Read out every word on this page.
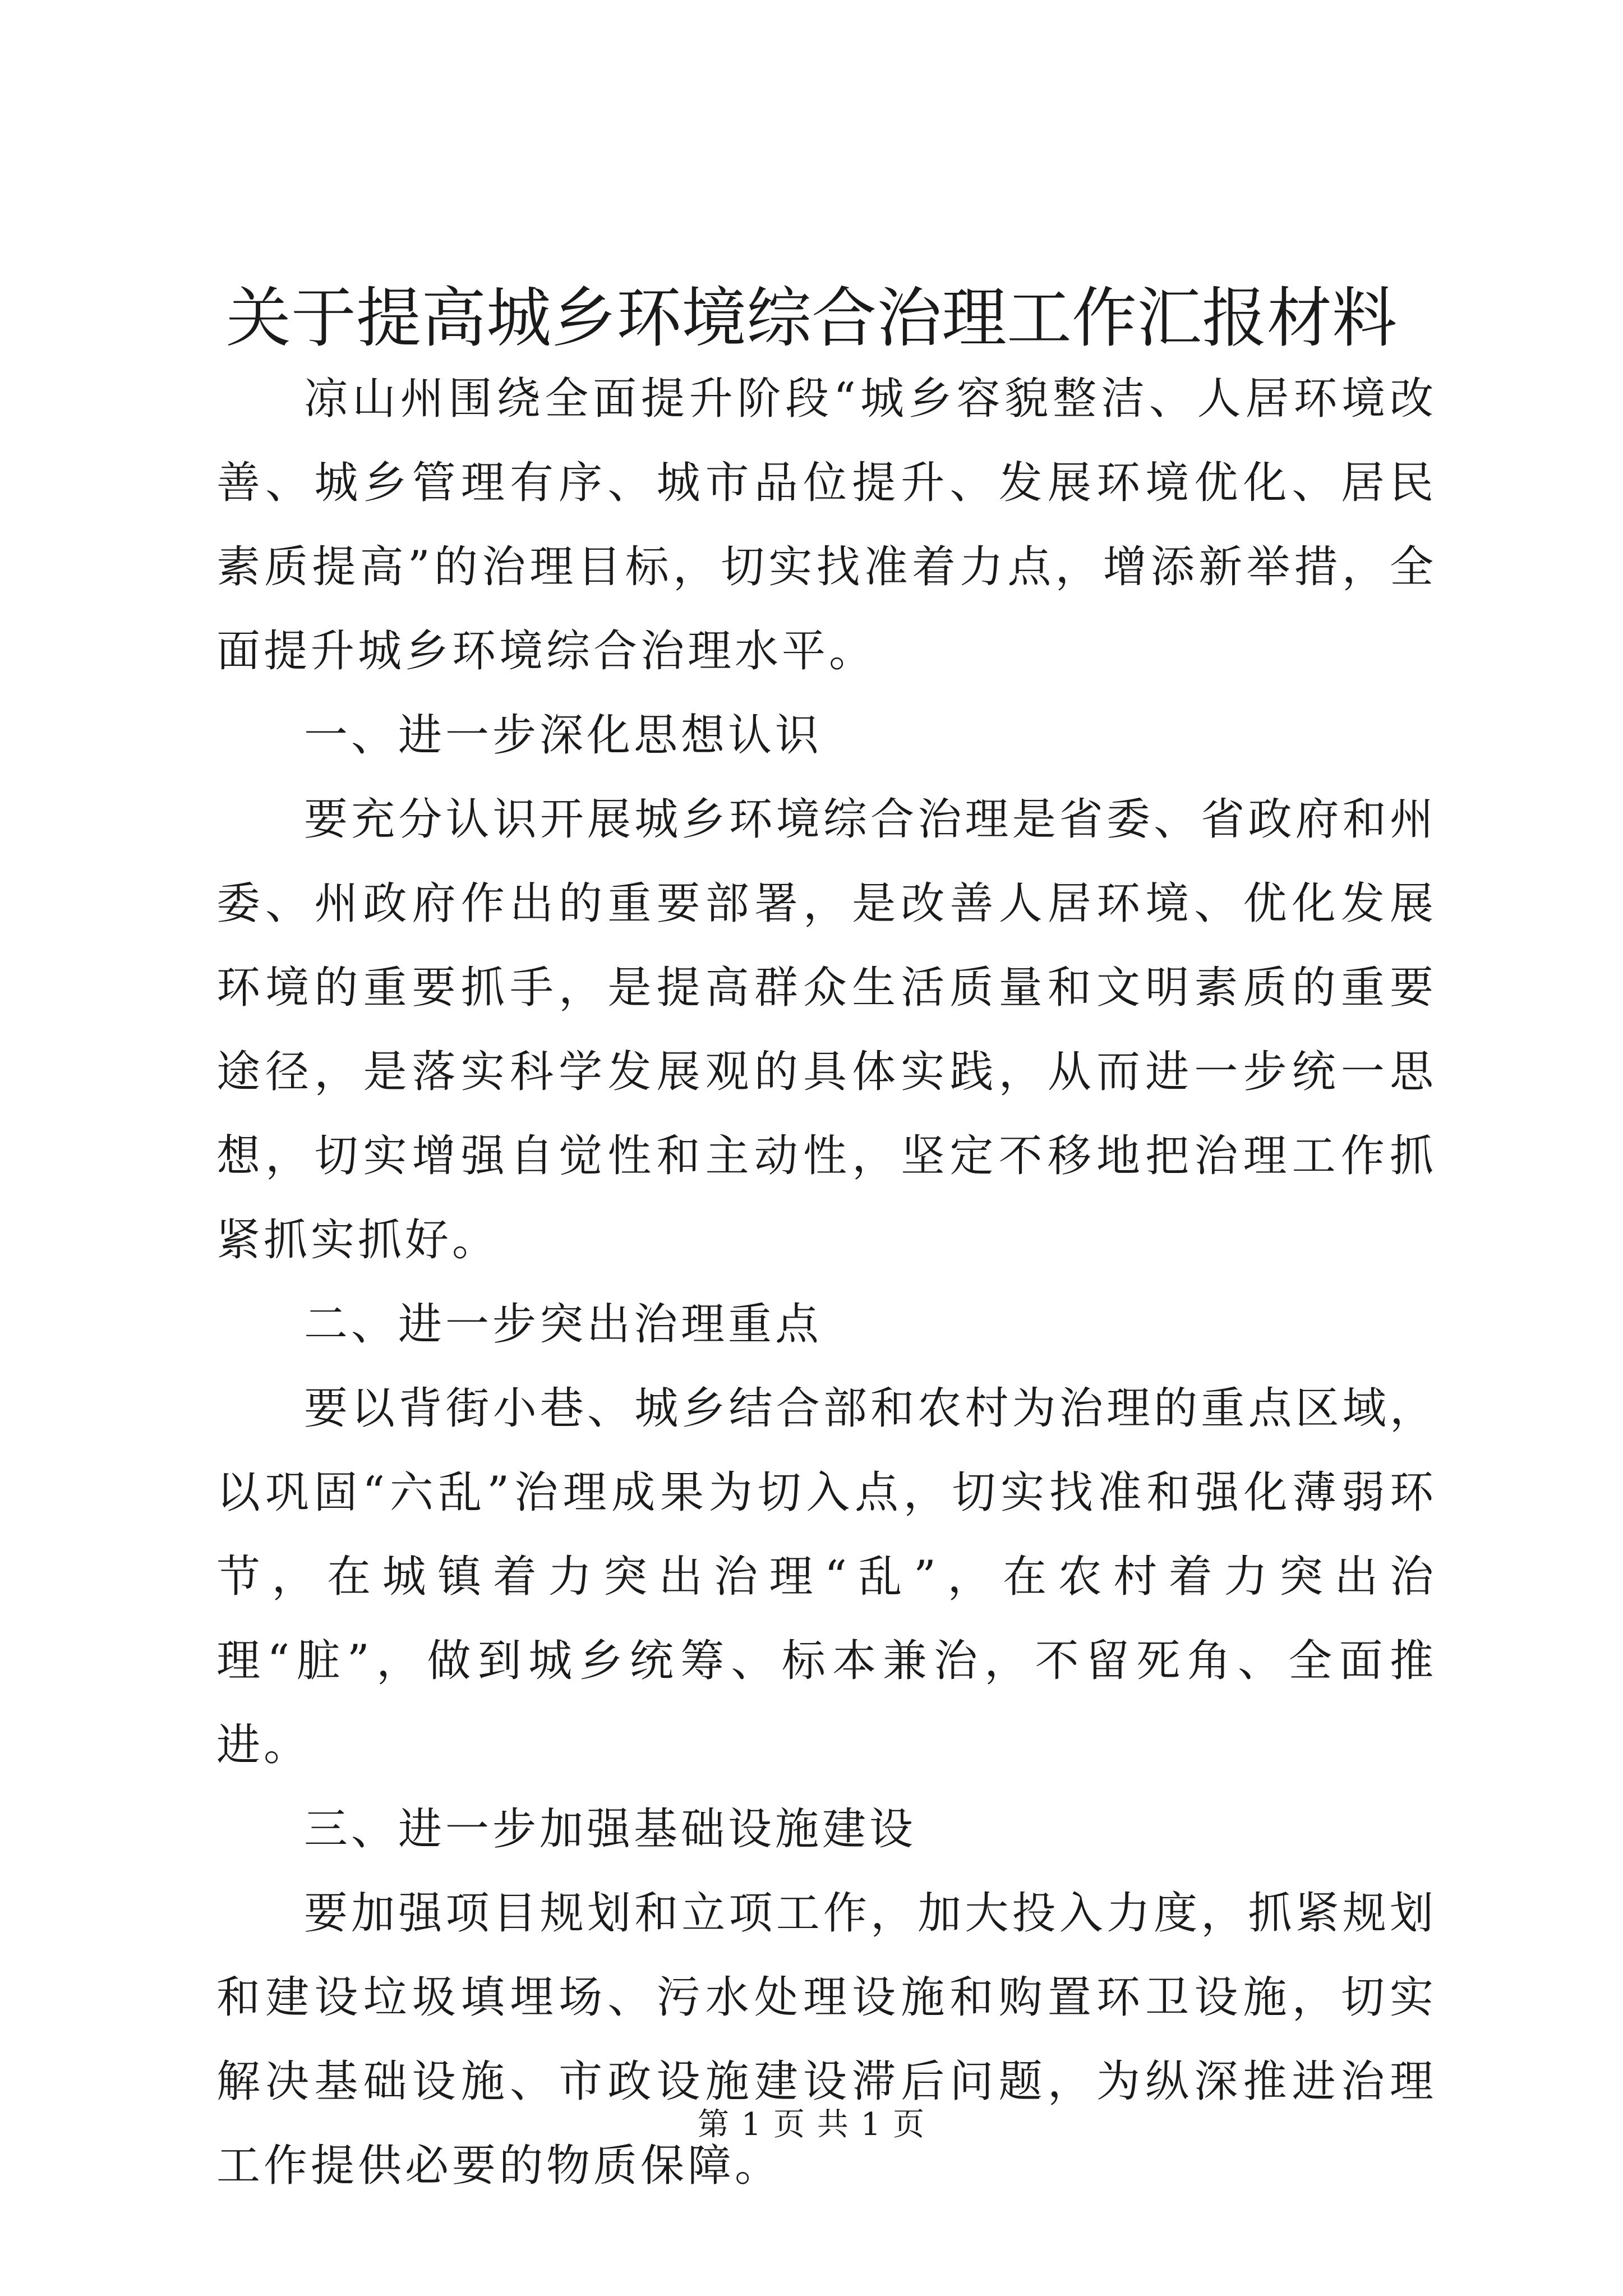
关于提高城乡环境综合治理工作汇报材料

凉山州围绕全面提升阶段“城乡容貌整洁、人居环境改善、城乡管理有序、城市品位提升、发展环境优化、居民素质提高”的治理目标，切实找准着力点，增添新举措，全面提升城乡环境综合治理水平。

一、进一步深化思想认识

要充分认识开展城乡环境综合治理是省委、省政府和州委、州政府作出的重要部署，是改善人居环境、优化发展环境的重要抓手，是提高群众生活质量和文明素质的重要途径，是落实科学发展观的具体实践，从而进一步统一思想，切实增强自觉性和主动性，坚定不移地把治理工作抓紧抓实抓好。

二、进一步突出治理重点

要以背街小巷、城乡结合部和农村为治理的重点区域，以巩固“六乱”治理成果为切入点，切实找准和强化薄弱环节，在城镇着力突出治理“乱”，在农村着力突出治理“脏”，做到城乡统筹、标本兼治，不留死角、全面推进。

三、进一步加强基础设施建设

要加强项目规划和立项工作，加大投入力度，抓紧规划和建设垃圾填埋场、污水处理设施和购置环卫设施，切实解决基础设施、市政设施建设滞后问题，为纵深推进治理工作提供必要的物质保障。

第 1 页 共 1 页
